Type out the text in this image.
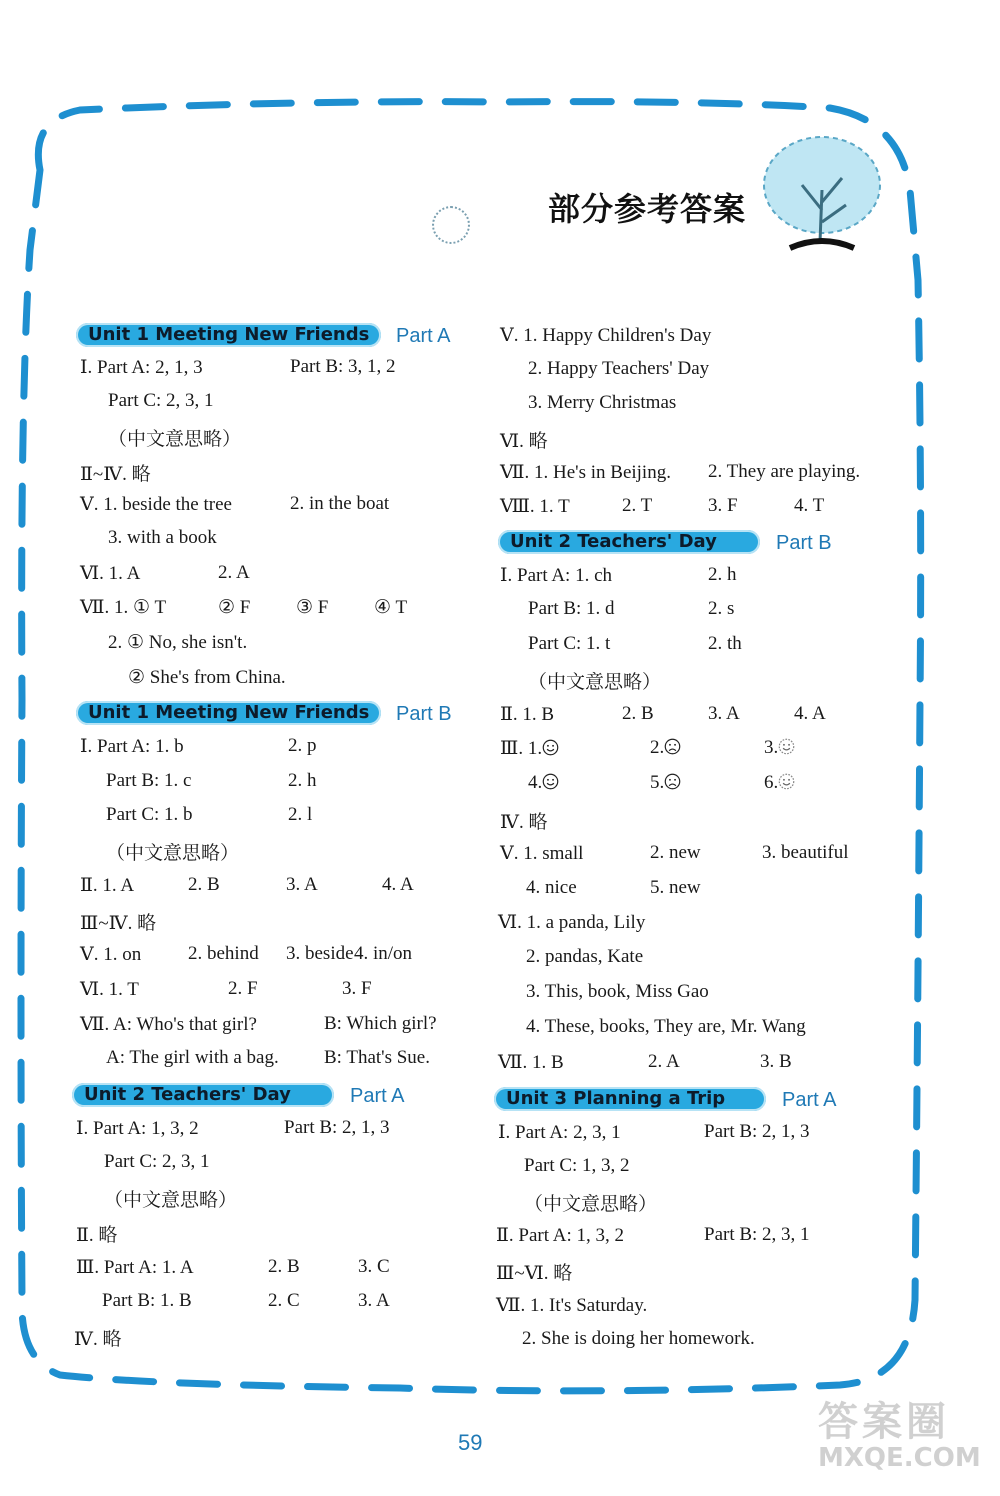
部分参考答案
Unit 1 Meeting New Friends Part A
Ⅰ. Part A: 2, 1, 3	Part B: 3, 1, 2
Part C: 2, 3, 1
（中文意思略）
Ⅱ~Ⅳ. 略
Ⅴ. 1. beside the tree	2. in the boat
3. with a book
Ⅵ. 1. A	2. A
Ⅶ. 1. ① T	② F ③ F ④ T
2. ① No, she isn't.
② She's from China.
Unit 1 Meeting New Friends Part B
Ⅰ. Part A: 1. b	2. p
Part B: 1. c	2. h
Part C: 1. b	2. l
（中文意思略）
Ⅱ. 1. A	2. B	3. A	4. A
Ⅲ~Ⅳ. 略
Ⅴ. 1. on 2. behind 3. beside 4. in/on
Ⅵ. 1. T	2. F	3. F
Ⅶ. A: Who's that girl?	B: Which girl?
A: The girl with a bag. B: That's Sue.
Unit 2 Teachers' Day	Part A
Ⅰ. Part A: 1, 3, 2	Part B: 2, 1, 3
Part C: 2, 3, 1
（中文意思略）
Ⅱ. 略
Ⅲ. Part A: 1. A	2. B	3. C
Part B: 1. B	2. C	3. A
Ⅳ. 略
Ⅴ. 1. Happy Children's Day
2. Happy Teachers' Day
3. Merry Christmas
Ⅵ. 略
Ⅶ. 1. He's in Beijing. 2. They are playing.
Ⅷ. 1. T	2. T	3. F	4. T
Unit 2 Teachers' Day	Part B
Ⅰ. Part A: 1. ch	2. h
Part B: 1. d	2. s
Part C: 1. t	2. th
（中文意思略）
Ⅱ. 1. B	2. B	3. A	4. A
Ⅲ. 1.	2.	3.
4.	5.	6.
Ⅳ. 略
Ⅴ. 1. small	2. new	3. beautiful
4. nice	5. new
Ⅵ. 1. a panda, Lily
2. pandas, Kate
3. This, book, Miss Gao
4. These, books, They are, Mr. Wang
Ⅶ. 1. B	2. A	3. B
Unit 3 Planning a Trip	Part A
Ⅰ. Part A: 2, 3, 1	Part B: 2, 1, 3
Part C: 1, 3, 2
（中文意思略）
Ⅱ. Part A: 1, 3, 2	Part B: 2, 3, 1
Ⅲ~Ⅵ. 略
Ⅶ. 1. It's Saturday.
2. She is doing her homework.
59	答案圈
MXQE.COM
